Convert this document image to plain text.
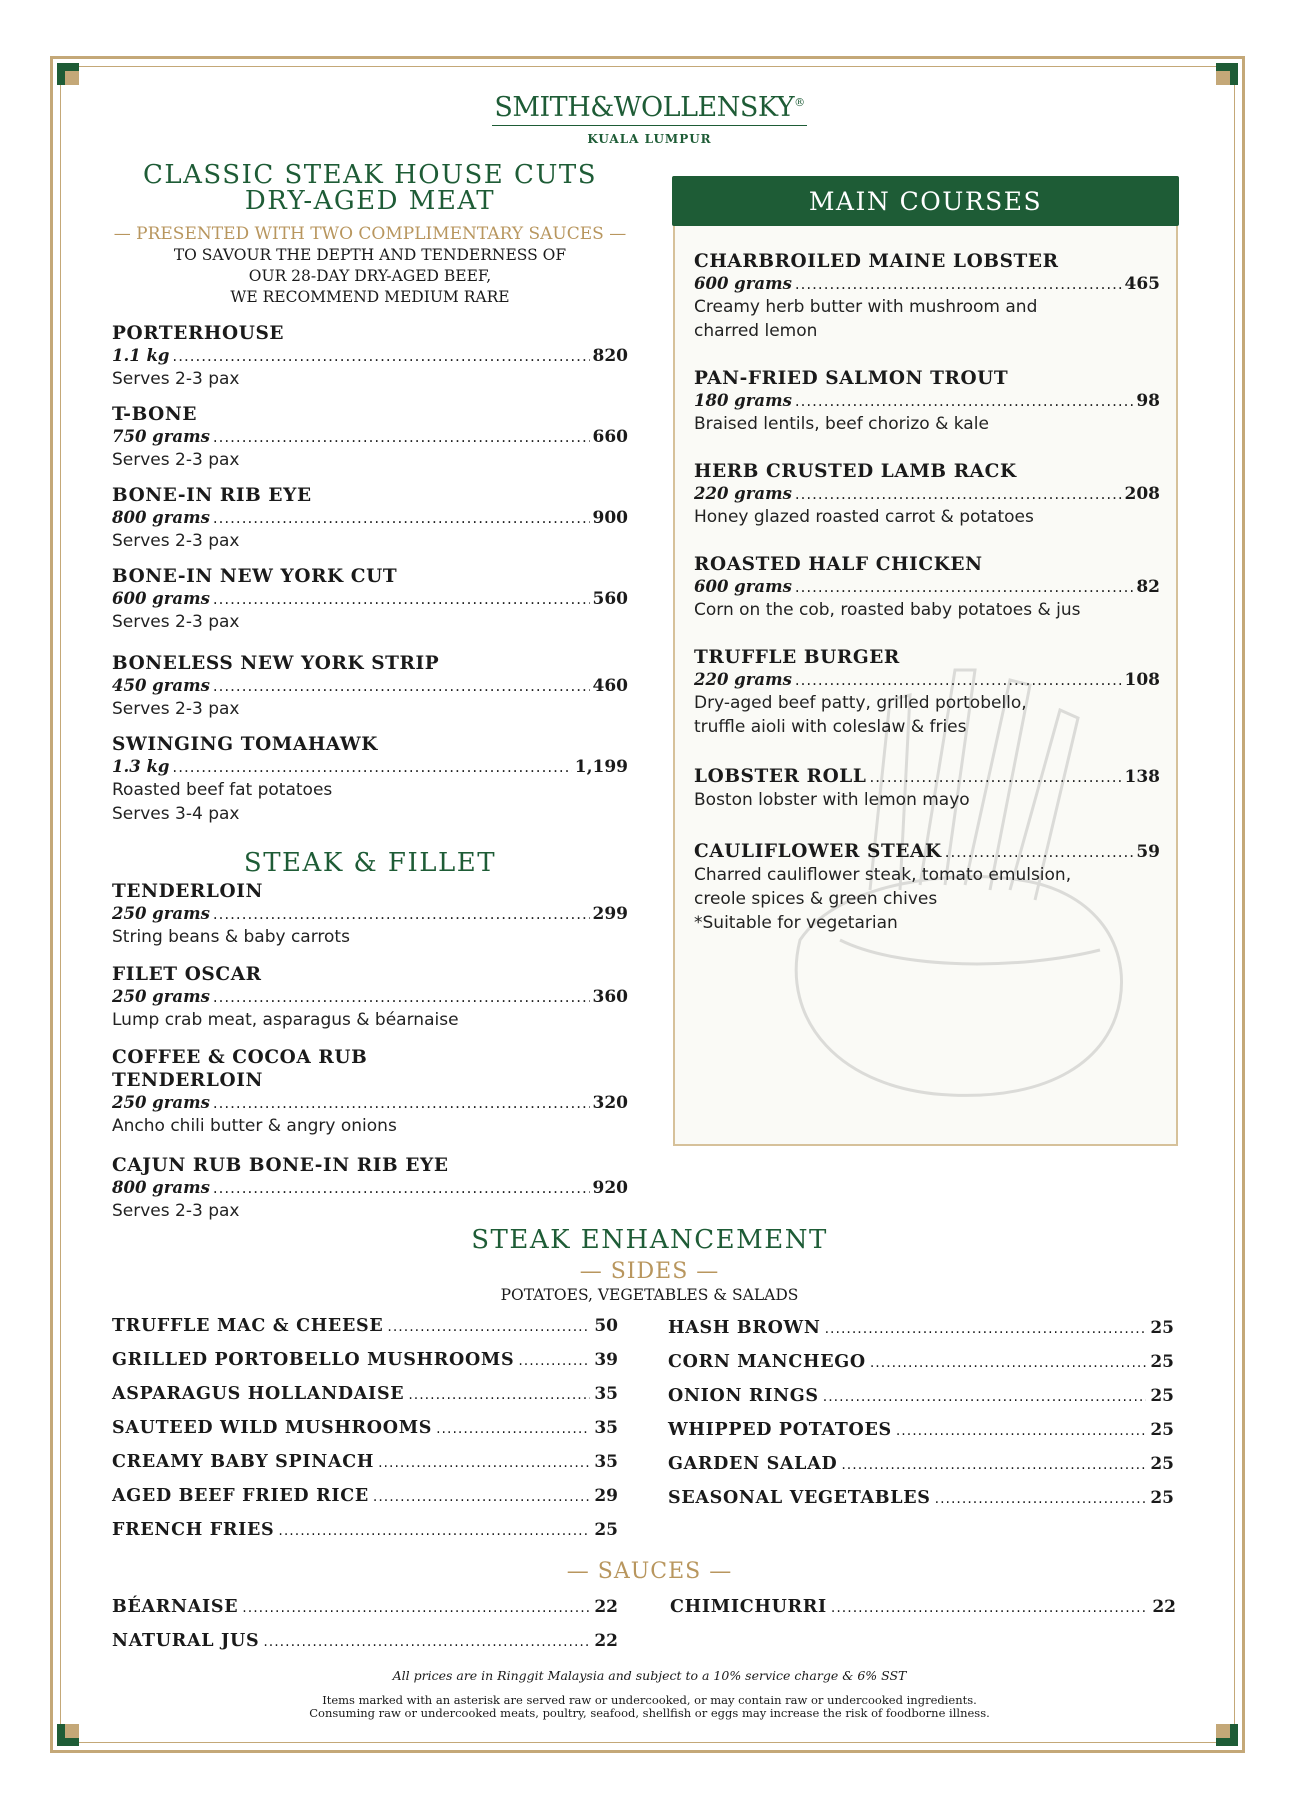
SMITH&WOLLENSKY®
KUALA LUMPUR
CLASSIC STEAK HOUSE CUTS
DRY-AGED MEAT
— PRESENTED WITH TWO COMPLIMENTARY SAUCES —
TO SAVOUR THE DEPTH AND TENDERNESS OF
OUR 28-DAY DRY-AGED BEEF,
WE RECOMMEND MEDIUM RARE
PORTERHOUSE
1.1 kg .....	820
Serves 2-3 pax
T-BONE
750 grams .....	660
Serves 2-3 pax
BONE-IN RIB EYE
800 grams .....	900
Serves 2-3 pax
BONE-IN NEW YORK CUT
600 grams .....	560
Serves 2-3 pax
BONELESS NEW YORK STRIP
450 grams .....	460
Serves 2-3 pax
SWINGING TOMAHAWK
1.3 kg .....	1,199
Roasted beef fat potatoes
Serves 3-4 pax
STEAK & FILLET
TENDERLOIN
250 grams .....	299
String beans & baby carrots
FILET OSCAR
250 grams .....	360
Lump crab meat, asparagus & béarnaise
COFFEE & COCOA RUB
TENDERLOIN
250 grams .....	320
Ancho chili butter & angry onions
CAJUN RUB BONE-IN RIB EYE
800 grams .....	920
Serves 2-3 pax
MAIN COURSES
CHARBROILED MAINE LOBSTER
600 grams .....	465
Creamy herb butter with mushroom and
charred lemon
PAN-FRIED SALMON TROUT
180 grams .....	98
Braised lentils, beef chorizo & kale
HERB CRUSTED LAMB RACK
220 grams .....	208
Honey glazed roasted carrot & potatoes
ROASTED HALF CHICKEN
600 grams .....	82
Corn on the cob, roasted baby potatoes & jus
TRUFFLE BURGER
220 grams .....	108
Dry-aged beef patty, grilled portobello,
truffle aioli with coleslaw & fries
LOBSTER ROLL .....	138
Boston lobster with lemon mayo
CAULIFLOWER STEAK .....	59
Charred cauliflower steak, tomato emulsion,
creole spices & green chives
*Suitable for vegetarian
STEAK ENHANCEMENT
— SIDES —
POTATOES, VEGETABLES & SALADS
TRUFFLE MAC & CHEESE .....	50
GRILLED PORTOBELLO MUSHROOMS .....	39
ASPARAGUS HOLLANDAISE .....	35
SAUTEED WILD MUSHROOMS .....	35
CREAMY BABY SPINACH .....	35
AGED BEEF FRIED RICE .....	29
FRENCH FRIES .....	25
HASH BROWN .....	25
CORN MANCHEGO .....	25
ONION RINGS .....	25
WHIPPED POTATOES .....	25
GARDEN SALAD .....	25
SEASONAL VEGETABLES .....	25
— SAUCES —
BÉARNAISE .....	22
NATURAL JUS .....	22
CHIMICHURRI .....	22
All prices are in Ringgit Malaysia and subject to a 10% service charge & 6% SST
Items marked with an asterisk are served raw or undercooked, or may contain raw or undercooked ingredients.
Consuming raw or undercooked meats, poultry, seafood, shellfish or eggs may increase the risk of foodborne illness.
